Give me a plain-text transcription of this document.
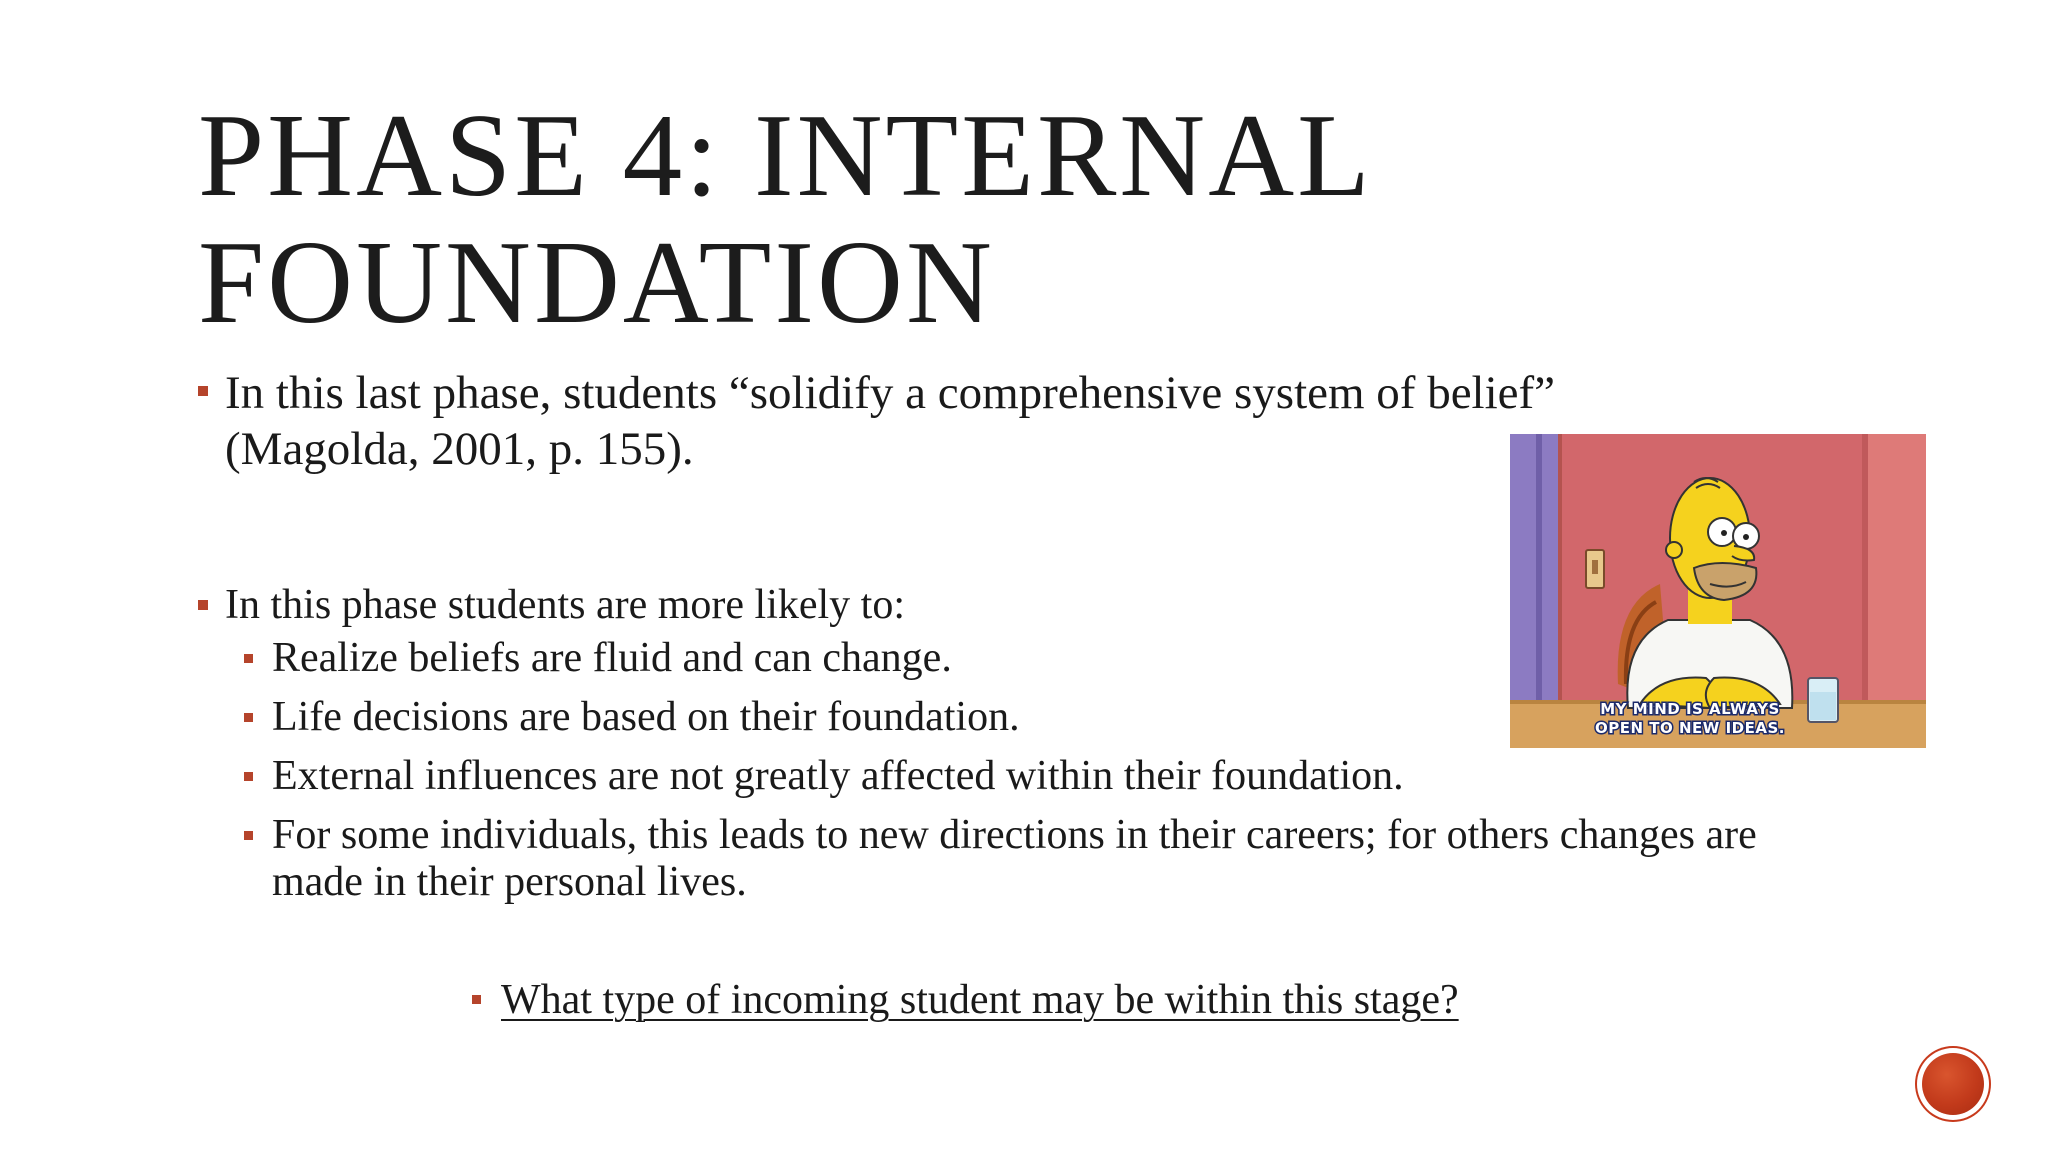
PHASE 4: INTERNAL
FOUNDATION
In this last phase, students “solidify a comprehensive system of belief” (Magolda, 2001, p. 155).
In this phase students are more likely to:
Realize beliefs are fluid and can change.
Life decisions are based on their foundation.
External influences are not greatly affected within their foundation.
For some individuals, this leads to new directions in their careers; for others changes are made in their personal lives.
What type of incoming student may be within this stage?
MY MIND IS ALWAYS
OPEN TO NEW IDEAS.
